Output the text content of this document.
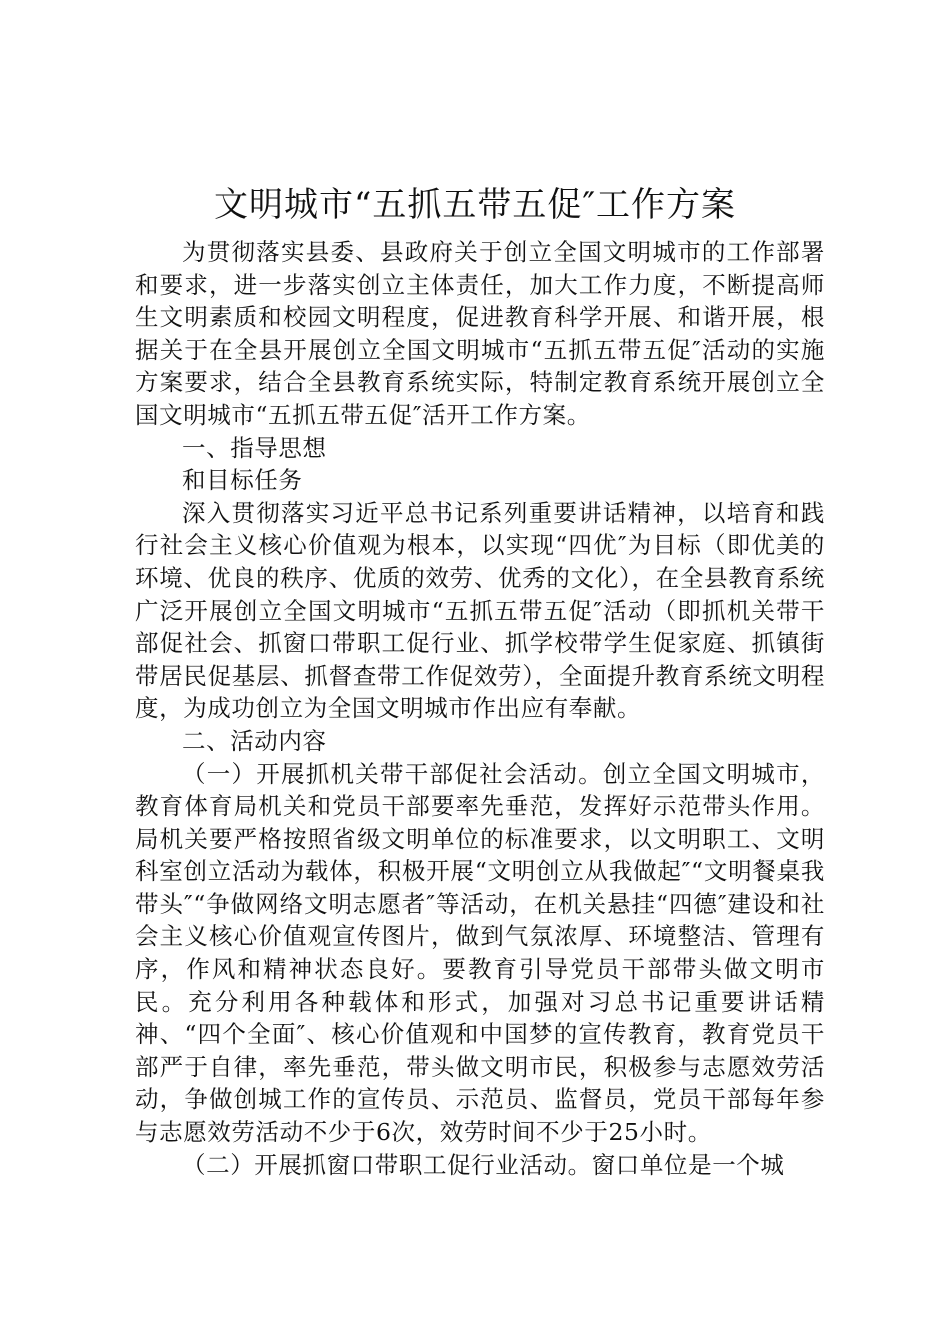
文明城市“五抓五带五促″工作方案

为贯彻落实县委、县政府关于创立全国文明城市的工作部署和要求，进一步落实创立主体责任，加大工作力度，不断提高师生文明素质和校园文明程度，促进教育科学开展、和谐开展，根据关于在全县开展创立全国文明城市“五抓五带五促″活动的实施方案要求，结合全县教育系统实际，特制定教育系统开展创立全国文明城市“五抓五带五促″活开工作方案。

一、指导思想

和目标任务

深入贯彻落实习近平总书记系列重要讲话精神，以培育和践行社会主义核心价值观为根本，以实现“四优″为目标（即优美的环境、优良的秩序、优质的效劳、优秀的文化），在全县教育系统广泛开展创立全国文明城市“五抓五带五促″活动（即抓机关带干部促社会、抓窗口带职工促行业、抓学校带学生促家庭、抓镇街带居民促基层、抓督查带工作促效劳），全面提升教育系统文明程度，为成功创立为全国文明城市作出应有奉献。

二、活动内容

（一）开展抓机关带干部促社会活动。创立全国文明城市，教育体育局机关和党员干部要率先垂范，发挥好示范带头作用。局机关要严格按照省级文明单位的标准要求，以文明职工、文明科室创立活动为载体，积极开展“文明创立从我做起″“文明餐桌我带头″“争做网络文明志愿者″等活动，在机关悬挂“四德″建设和社会主义核心价值观宣传图片，做到气氛浓厚、环境整洁、管理有序，作风和精神状态良好。要教育引导党员干部带头做文明市民。充分利用各种载体和形式，加强对习总书记重要讲话精神、“四个全面″、核心价值观和中国梦的宣传教育，教育党员干部严于自律，率先垂范，带头做文明市民，积极参与志愿效劳活动，争做创城工作的宣传员、示范员、监督员，党员干部每年参与志愿效劳活动不少于6次，效劳时间不少于25小时。

（二）开展抓窗口带职工促行业活动。窗口单位是一个城
